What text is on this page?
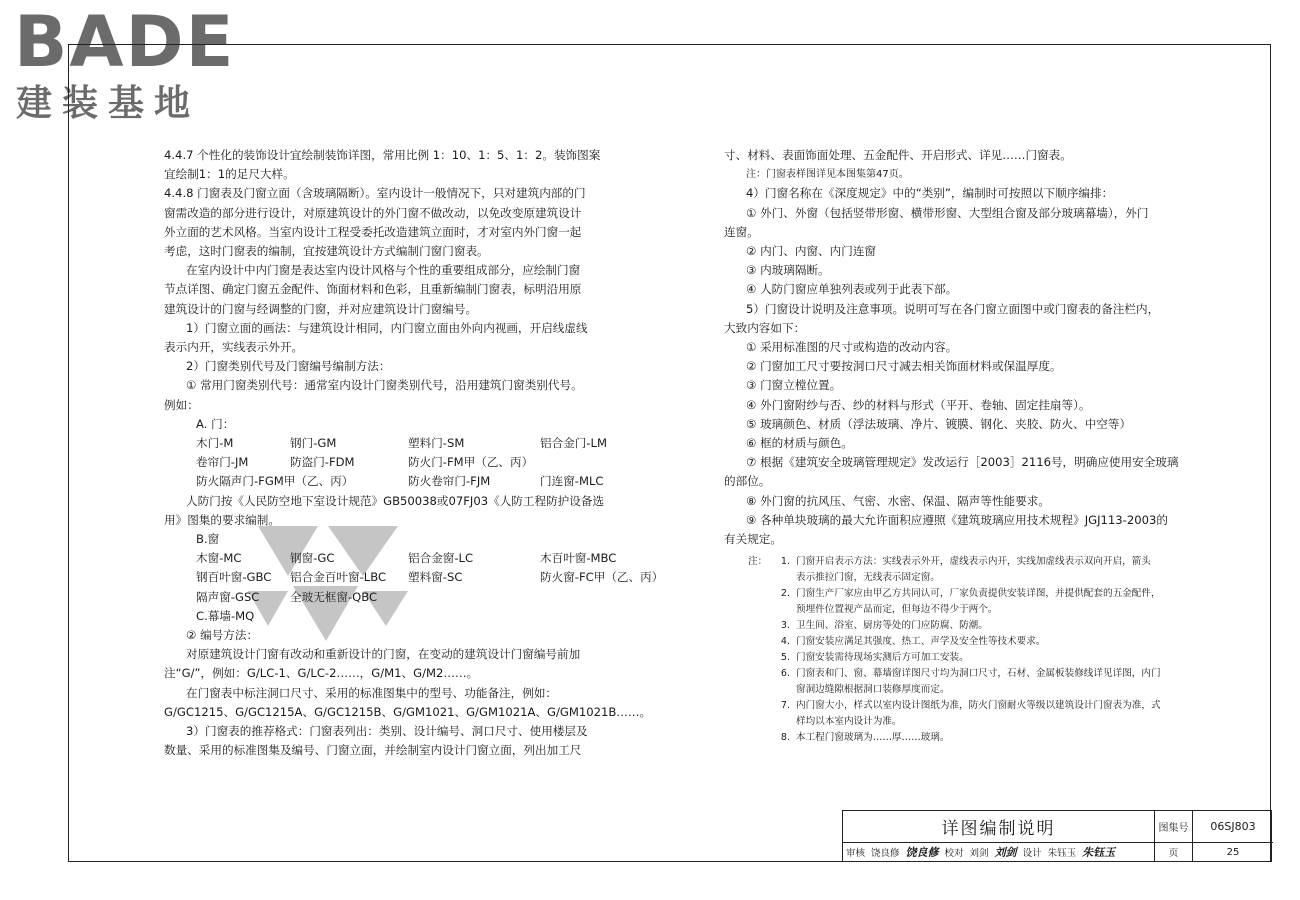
BADE
建装基地

4.4.7 个性化的装饰设计宜绘制装饰详图，常用比例 1：10、1：5、1：2。装饰图案

宜绘制1：1的足尺大样。

4.4.8 门窗表及门窗立面（含玻璃隔断）。室内设计一般情况下，只对建筑内部的门

窗需改造的部分进行设计，对原建筑设计的外门窗不做改动，以免改变原建筑设计

外立面的艺术风格。当室内设计工程受委托改造建筑立面时，才对室内外门窗一起

考虑，这时门窗表的编制，宜按建筑设计方式编制门窗门窗表。

在室内设计中内门窗是表达室内设计风格与个性的重要组成部分，应绘制门窗

节点详图、确定门窗五金配件、饰面材料和色彩，且重新编制门窗表，标明沿用原

建筑设计的门窗与经调整的门窗，并对应建筑设计门窗编号。

1）门窗立面的画法：与建筑设计相同，内门窗立面由外向内视画，开启线虚线

表示内开，实线表示外开。

2）门窗类别代号及门窗编号编制方法：

① 常用门窗类别代号：通常室内设计门窗类别代号，沿用建筑门窗类别代号。

例如：

A. 门：

木门-M	钢门-GM	塑料门-SM	铝合金门-LM
卷帘门-JM	防盗门-FDM	防火门-FM甲（乙、丙）
防火隔声门-FGM甲（乙、丙）	防火卷帘门-FJM	门连窗-MLC

人防门按《人民防空地下室设计规范》GB50038或07FJ03《人防工程防护设备选

用》图集的要求编制。

B.窗

木窗-MC	钢窗-GC	铝合金窗-LC	木百叶窗-MBC
钢百叶窗-GBC	铝合金百叶窗-LBC	塑料窗-SC	防火窗-FC甲（乙、丙）
隔声窗-GSC	全玻无框窗-QBC

C.幕墙-MQ

② 编号方法：

对原建筑设计门窗有改动和重新设计的门窗，在变动的建筑设计门窗编号前加

注“G/”，例如：G/LC-1、G/LC-2……，G/M1、G/M2……。

在门窗表中标注洞口尺寸、采用的标准图集中的型号、功能备注，例如：

G/GC1215、G/GC1215A、G/GC1215B、G/GM1021、G/GM1021A、G/GM1021B……。

3）门窗表的推荐格式：门窗表列出：类别、设计编号、洞口尺寸、使用楼层及

数量、采用的标准图集及编号、门窗立面，并绘制室内设计门窗立面，列出加工尺

寸、材料、表面饰面处理、五金配件、开启形式、详见……门窗表。

注：门窗表样图详见本图集第47页。

4）门窗名称在《深度规定》中的“类别”，编制时可按照以下顺序编排：

① 外门、外窗（包括竖带形窗、横带形窗、大型组合窗及部分玻璃幕墙），外门

连窗。

② 内门、内窗、内门连窗

③ 内玻璃隔断。

④ 人防门窗应单独列表或列于此表下部。

5）门窗设计说明及注意事项。说明可写在各门窗立面图中或门窗表的备注栏内，

大致内容如下：

① 采用标准图的尺寸或构造的改动内容。

② 门窗加工尺寸要按洞口尺寸减去相关饰面材料或保温厚度。

③ 门窗立樘位置。

④ 外门窗附纱与否、纱的材料与形式（平开、卷轴、固定挂扇等）。

⑤ 玻璃颜色、材质（浮法玻璃、净片、镀膜、钢化、夹胶、防火、中空等）

⑥ 框的材质与颜色。

⑦ 根据《建筑安全玻璃管理规定》发改运行［2003］2116号，明确应使用安全玻璃

的部位。

⑧ 外门窗的抗风压、气密、水密、保温、隔声等性能要求。

⑨ 各种单块玻璃的最大允许面积应遵照《建筑玻璃应用技术规程》JGJ113-2003的

有关规定。

注：	1. 门窗开启表示方法：实线表示外开，虚线表示内开，实线加虚线表示双向开启，箭头
表示推拉门窗，无线表示固定窗。
2. 门窗生产厂家应由甲乙方共同认可，厂家负责提供安装详图，并提供配套的五金配件，
预埋件位置视产品而定，但每边不得少于两个。
3. 卫生间、浴室、厨房等处的门应防腐、防潮。
4. 门窗安装应满足其强度、热工、声学及安全性等技术要求。
5. 门窗安装需待现场实测后方可加工安装。
6. 门窗表和门、窗、幕墙窗详图尺寸均为洞口尺寸，石材、金属板装修线详见详图，内门
窗洞边缝隙根据洞口装修厚度而定。
7. 内门窗大小，样式以室内设计图纸为准，防火门窗耐火等级以建筑设计门窗表为准，式
样均以本室内设计为准。
8. 本工程门窗玻璃为……厚……玻璃。
详图编制说明	图集号	06SJ803
审核 饶良修 饶良修 校对 刘剑 刘剑 设计 朱钰玉 朱钰玉	页	25
